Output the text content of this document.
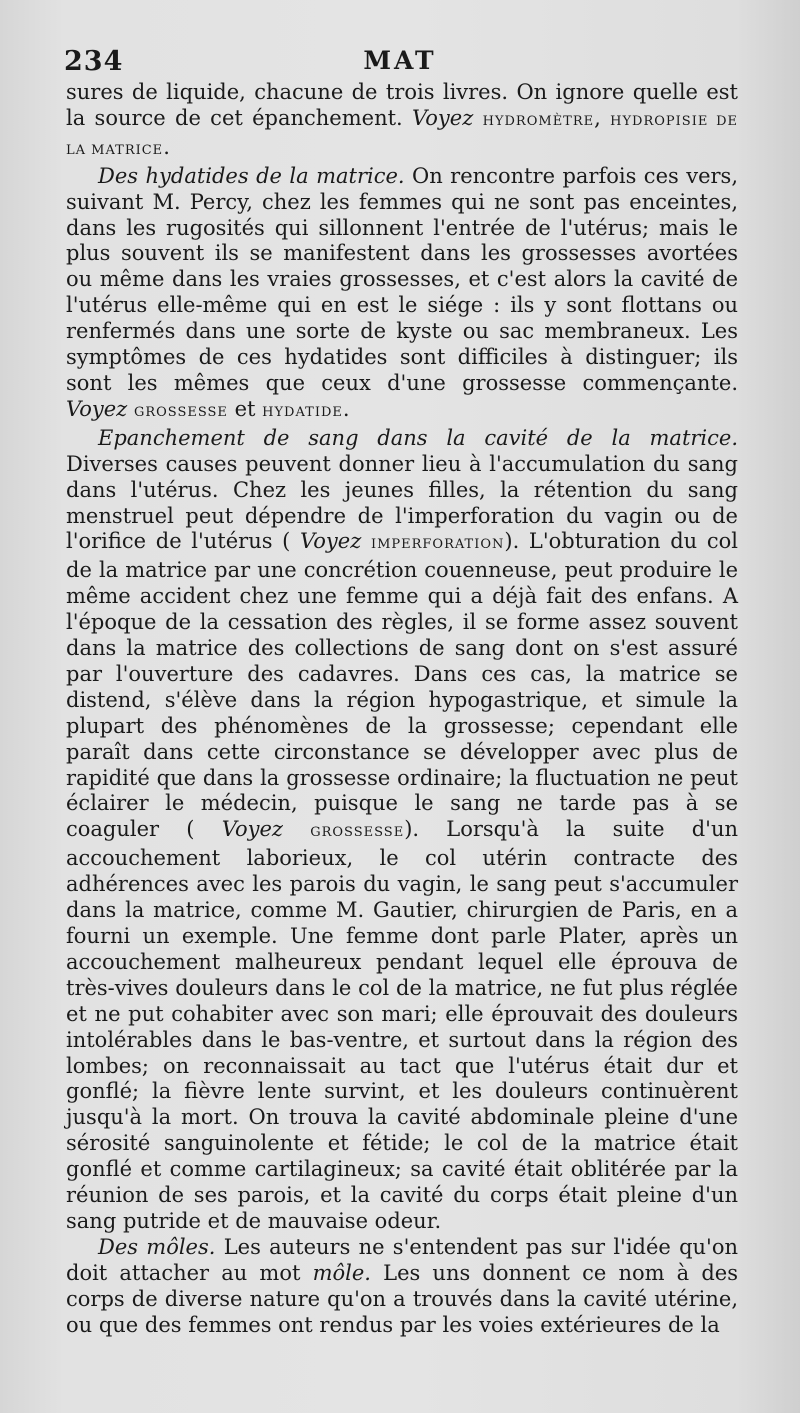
234	MAT

sures de liquide, chacune de trois livres. On ignore quelle est la source de cet épanchement. Voyez HYDROMÈTRE, HYDROPISIE DE LA MATRICE.

Des hydatides de la matrice. On rencontre parfois ces vers, suivant M. Percy, chez les femmes qui ne sont pas enceintes, dans les rugosités qui sillonnent l'entrée de l'utérus; mais le plus souvent ils se manifestent dans les grossesses avortées ou même dans les vraies grossesses, et c'est alors la cavité de l'utérus elle-même qui en est le siége : ils y sont flottans ou renfermés dans une sorte de kyste ou sac membraneux. Les symptômes de ces hydatides sont difficiles à distinguer; ils sont les mêmes que ceux d'une grossesse commençante. Voyez GROSSESSE et HYDATIDE.

Epanchement de sang dans la cavité de la matrice. Diverses causes peuvent donner lieu à l'accumulation du sang dans l'utérus. Chez les jeunes filles, la rétention du sang menstruel peut dépendre de l'imperforation du vagin ou de l'orifice de l'utérus ( Voyez IMPERFORATION). L'obturation du col de la matrice par une concrétion couenneuse, peut produire le même accident chez une femme qui a déjà fait des enfans. A l'époque de la cessation des règles, il se forme assez souvent dans la matrice des collections de sang dont on s'est assuré par l'ouverture des cadavres. Dans ces cas, la matrice se distend, s'élève dans la région hypogastrique, et simule la plupart des phénomènes de la grossesse; cependant elle paraît dans cette circonstance se développer avec plus de rapidité que dans la grossesse ordinaire; la fluctuation ne peut éclairer le médecin, puisque le sang ne tarde pas à se coaguler ( Voyez GROSSESSE). Lorsqu'à la suite d'un accouchement laborieux, le col utérin contracte des adhérences avec les parois du vagin, le sang peut s'accumuler dans la matrice, comme M. Gautier, chirurgien de Paris, en a fourni un exemple. Une femme dont parle Plater, après un accouchement malheureux pendant lequel elle éprouva de très-vives douleurs dans le col de la matrice, ne fut plus réglée et ne put cohabiter avec son mari; elle éprouvait des douleurs intolérables dans le bas-ventre, et surtout dans la région des lombes; on reconnaissait au tact que l'utérus était dur et gonflé; la fièvre lente survint, et les douleurs continuèrent jusqu'à la mort. On trouva la cavité abdominale pleine d'une sérosité sanguinolente et fétide; le col de la matrice était gonflé et comme cartilagineux; sa cavité était oblitérée par la réunion de ses parois, et la cavité du corps était pleine d'un sang putride et de mauvaise odeur.

Des môles. Les auteurs ne s'entendent pas sur l'idée qu'on doit attacher au mot môle. Les uns donnent ce nom à des corps de diverse nature qu'on a trouvés dans la cavité utérine, ou que des femmes ont rendus par les voies extérieures de la
